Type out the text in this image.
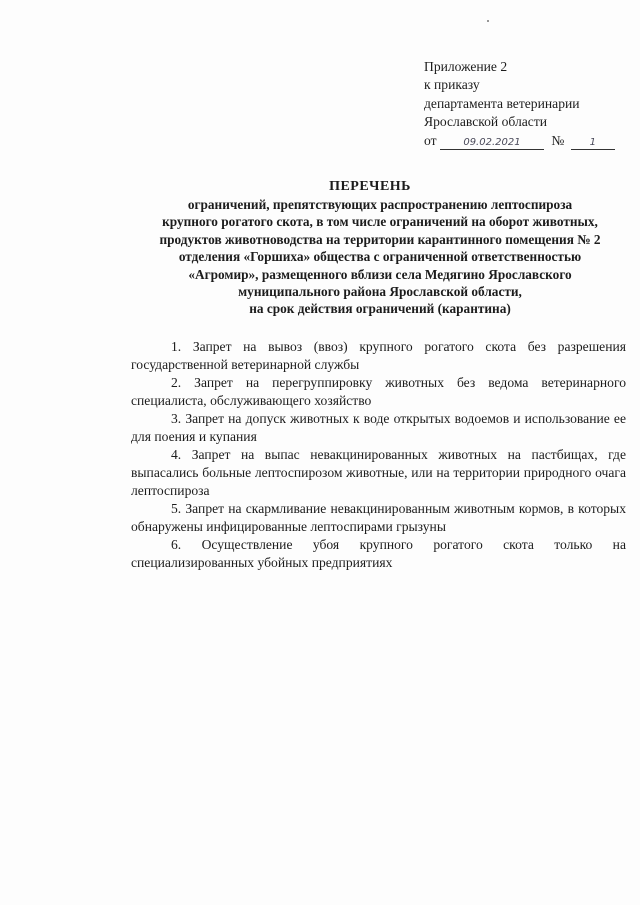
Приложение 2
к приказу
департамента ветеринарии
Ярославской области
от	09.02.2021 №	1
ПЕРЕЧЕНЬ
ограничений, препятствующих распространению лептоспироза
крупного рогатого скота, в том числе ограничений на оборот животных,
продуктов животноводства на территории карантинного помещения № 2
отделения «Горшиха» общества с ограниченной ответственностью
«Агромир», размещенного вблизи села Медягино Ярославского
муниципального района Ярославской области,
на срок действия ограничений (карантина)
1. Запрет на вывоз (ввоз) крупного рогатого скота без разрешения государственной ветеринарной службы
2. Запрет на перегруппировку животных без ведома ветеринарного специалиста, обслуживающего хозяйство
3. Запрет на допуск животных к воде открытых водоемов и использование ее для поения и купания
4. Запрет на выпас невакцинированных животных на пастбищах, где выпасались больные лептоспирозом животные, или на территории природного очага лептоспироза
5. Запрет на скармливание невакцинированным животным кормов, в которых обнаружены инфицированные лептоспирами грызуны
6. Осуществление убоя крупного рогатого скота только на специализированных убойных предприятиях
